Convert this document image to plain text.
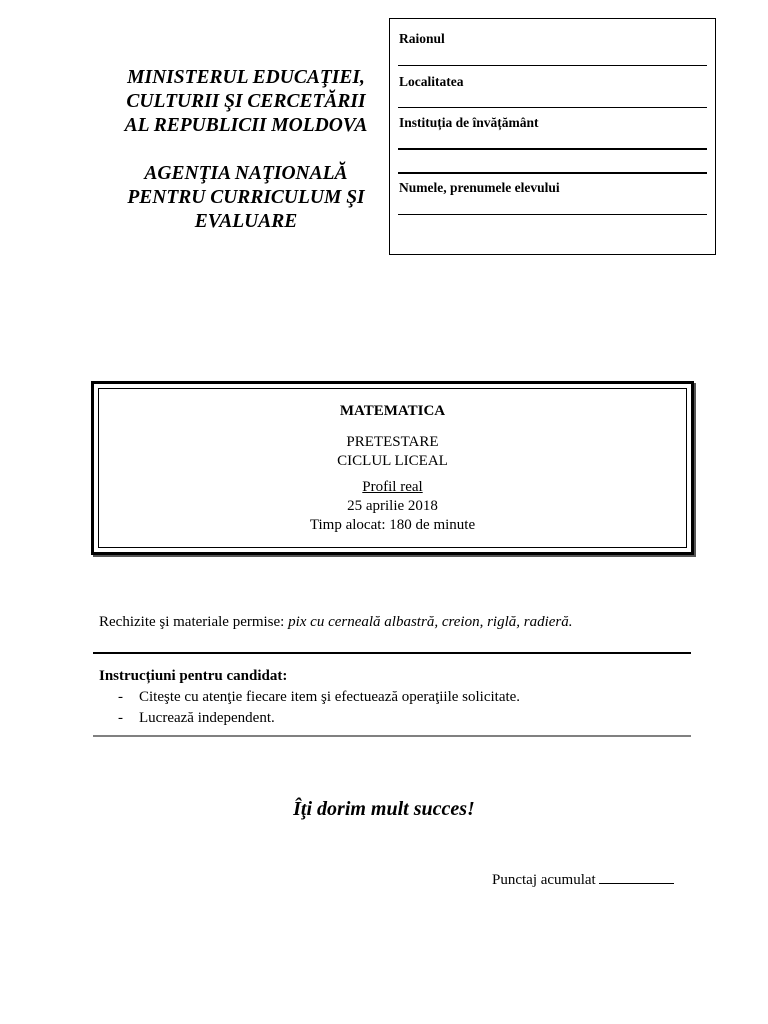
MINISTERUL EDUCAŢIEI,
CULTURII ŞI CERCETĂRII
AL REPUBLICII MOLDOVA
AGENŢIA NAŢIONALĂ
PENTRU CURRICULUM ŞI
EVALUARE
Raionul
Localitatea
Instituția de învățământ
Numele, prenumele elevului
MATEMATICA
PRETESTARE
CICLUL LICEAL
Profil real
25 aprilie 2018
Timp alocat: 180 de minute
Rechizite şi materiale permise: pix cu cerneală albastră, creion, riglă, radieră.
Instrucțiuni pentru candidat:
- Citeşte cu atenţie fiecare item şi efectuează operaţiile solicitate.
- Lucrează independent.
Îţi dorim mult succes!
Punctaj acumulat
